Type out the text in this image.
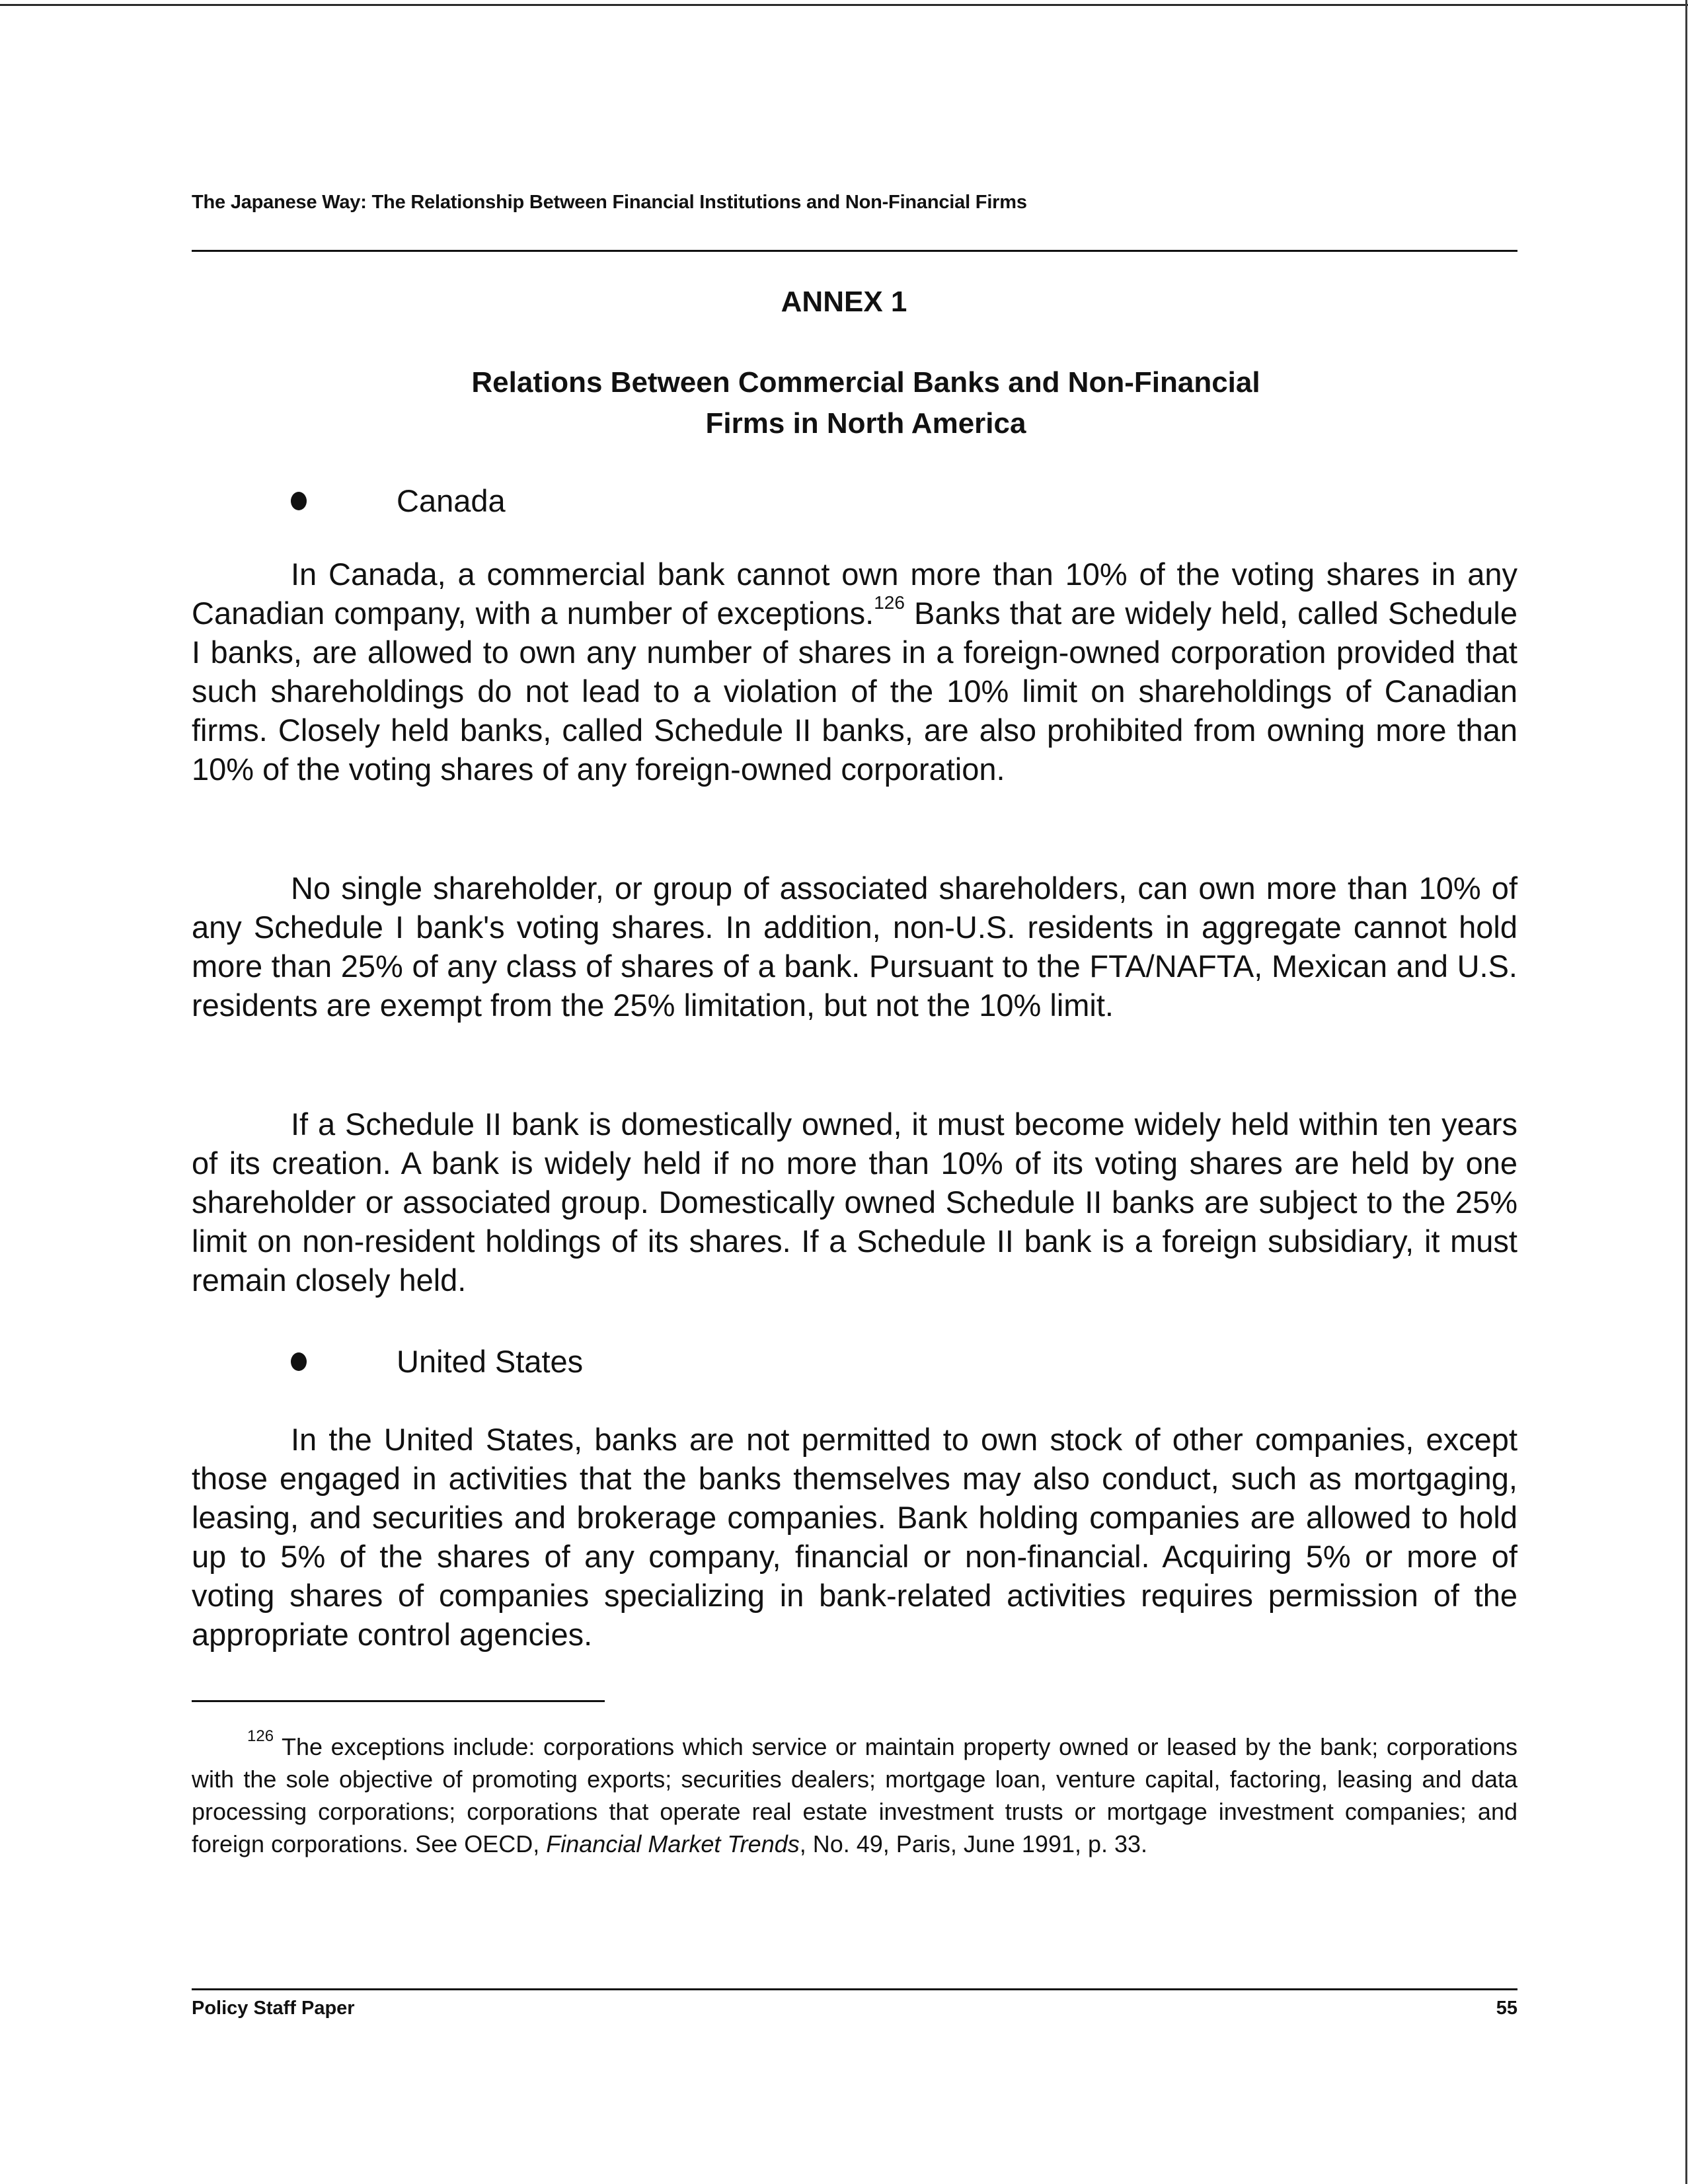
The Japanese Way: The Relationship Between Financial Institutions and Non-Financial Firms
ANNEX 1
Relations Between Commercial Banks and Non-Financial
Firms in North America
Canada

In Canada, a commercial bank cannot own more than 10% of the voting shares in any Canadian company, with a number of exceptions.$^{126}$ Banks that are widely held, called Schedule I banks, are allowed to own any number of shares in a foreign-owned corporation provided that such shareholdings do not lead to a violation of the 10% limit on shareholdings of Canadian firms. Closely held banks, called Schedule II banks, are also prohibited from owning more than 10% of the voting shares of any foreign-owned corporation.

No single shareholder, or group of associated shareholders, can own more than 10% of any Schedule I bank's voting shares. In addition, non-U.S. residents in aggregate cannot hold more than 25% of any class of shares of a bank. Pursuant to the FTA/NAFTA, Mexican and U.S. residents are exempt from the 25% limitation, but not the 10% limit.

If a Schedule II bank is domestically owned, it must become widely held within ten years of its creation. A bank is widely held if no more than 10% of its voting shares are held by one shareholder or associated group. Domestically owned Schedule II banks are subject to the 25% limit on non-resident holdings of its shares. If a Schedule II bank is a foreign subsidiary, it must remain closely held.

United States

In the United States, banks are not permitted to own stock of other companies, except those engaged in activities that the banks themselves may also conduct, such as mortgaging, leasing, and securities and brokerage companies. Bank holding companies are allowed to hold up to 5% of the shares of any company, financial or non-financial. Acquiring 5% or more of voting shares of companies specializing in bank-related activities requires permission of the appropriate control agencies.

$^{126}$ The exceptions include: corporations which service or maintain property owned or leased by the bank; corporations with the sole objective of promoting exports; securities dealers; mortgage loan, venture capital, factoring, leasing and data processing corporations; corporations that operate real estate investment trusts or mortgage investment companies; and foreign corporations. See OECD, Financial Market Trends, No. 49, Paris, June 1991, p. 33.

Policy Staff Paper	55
